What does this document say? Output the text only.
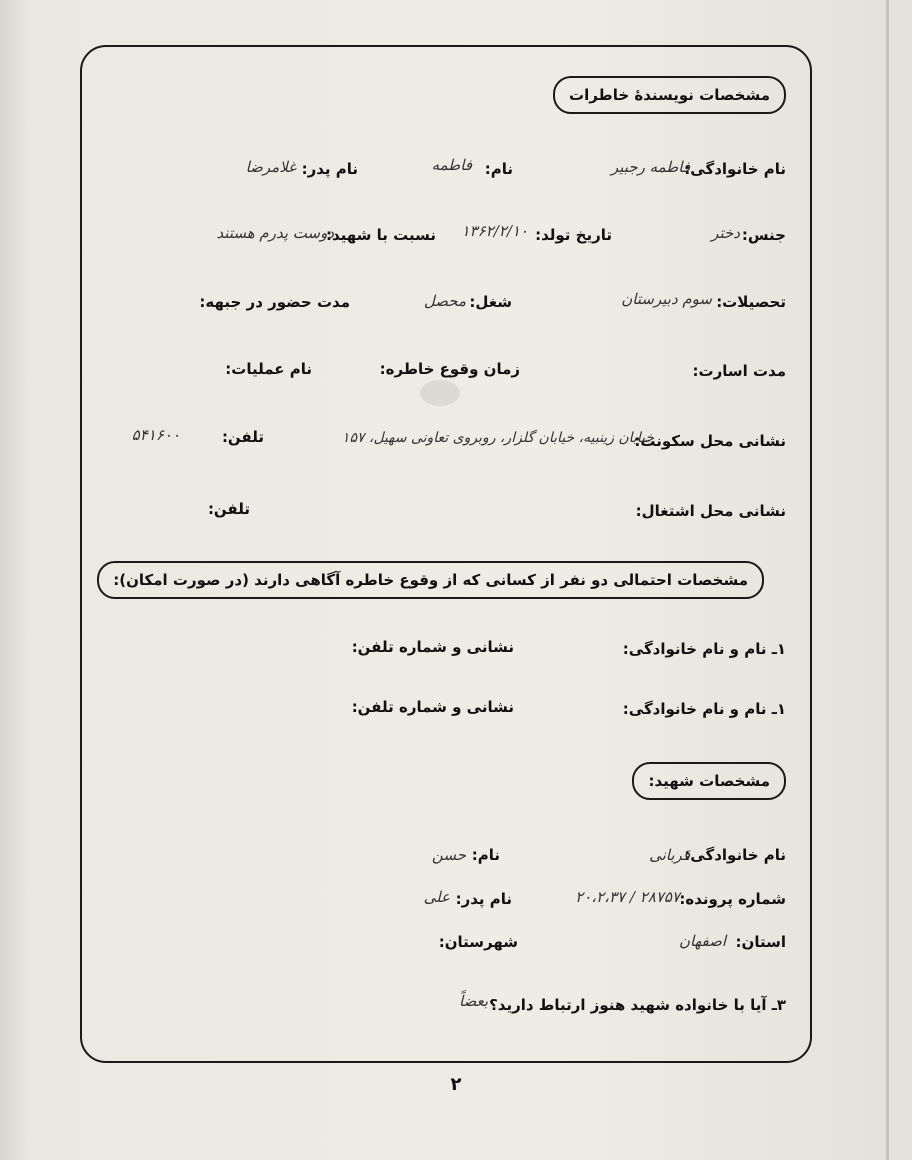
مشخصات نویسندهٔ خاطرات
نام خانوادگی:
فاطمه رجبیر
نام:
فاطمه
نام پدر:
غلامرضا
جنس:
دختر
تاریخ تولد:
۱۳۶۲/۲/۱۰
نسبت با شهید:
دوست پدرم هستند
تحصیلات:
سوم دبیرستان
شغل:
محصل
مدت حضور در جبهه:
مدت اسارت:
زمان وقوع خاطره:
نام عملیات:
نشانی محل سکونت:
خیابان زینبیه، خیابان گلزار، روبروی تعاونی سهیل، ۱۵۷
تلفن:
۵۴۱۶۰۰
نشانی محل اشتغال:
تلفن:
مشخصات احتمالی دو نفر از کسانی که از وقوع خاطره آگاهی دارند (در صورت امکان):
۱ـ نام و نام خانوادگی:
نشانی و شماره تلفن:
۱ـ نام و نام خانوادگی:
نشانی و شماره تلفن:
مشخصات شهید:
نام خانوادگی:
قربانی
نام:
حسن
شماره پرونده:
۲۸۷۵۷ / ۲۰،۲،۳۷
نام پدر:
علی
استان:
اصفهان
شهرستان:
۳ـ آیا با خانواده شهید هنوز ارتباط دارید؟
بعضاً
۲
